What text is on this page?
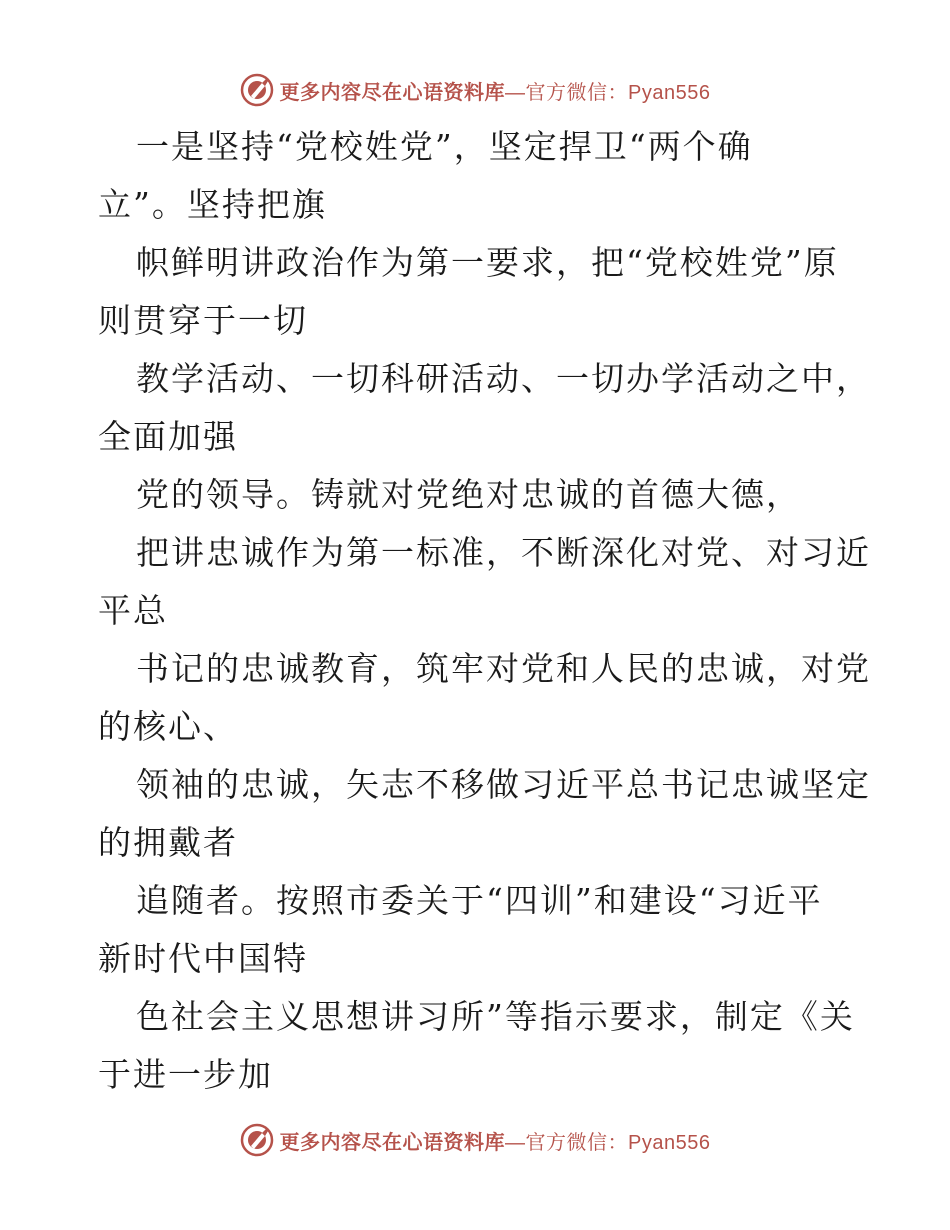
更多内容尽在心语资料库—官方微信：Pyan556
一是坚持“党校姓党”，坚定捍卫“两个确
立”。坚持把旗
帜鲜明讲政治作为第一要求，把“党校姓党”原
则贯穿于一切
教学活动、一切科研活动、一切办学活动之中，
全面加强
党的领导。铸就对党绝对忠诚的首德大德，
把讲忠诚作为第一标准，不断深化对党、对习近
平总
书记的忠诚教育，筑牢对党和人民的忠诚，对党
的核心、
领袖的忠诚，矢志不移做习近平总书记忠诚坚定
的拥戴者
追随者。按照市委关于“四训”和建设“习近平
新时代中国特
色社会主义思想讲习所”等指示要求，制定《关
于进一步加
更多内容尽在心语资料库—官方微信：Pyan556
